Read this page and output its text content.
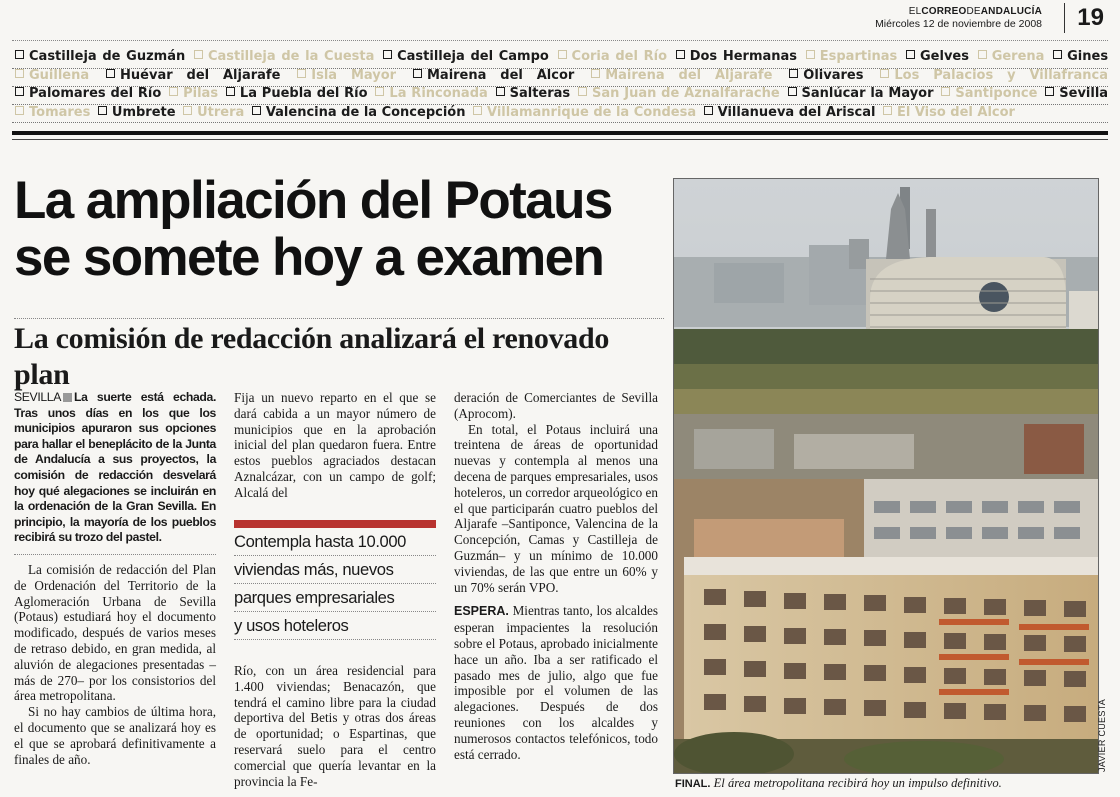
ELCORREODEANDALUCÍA
Miércoles 12 de noviembre de 2008	19
Castilleja de Guzmán Castilleja de la Cuesta Castilleja del Campo Coria del Río Dos Hermanas Espartinas Gelves Gerena Gines Guillena Huévar del Aljarafe Isla Mayor Mairena del Alcor Mairena del Aljarafe Olivares Los Palacios y Villafranca Palomares del Río Pilas La Puebla del Río La Rinconada Salteras San Juan de Aznalfarache Sanlúcar la Mayor Santiponce Sevilla Tomares Umbrete Utrera Valencina de la Concepción Villamanrique de la Condesa Villanueva del Ariscal El Viso del Alcor
La ampliación del Potaus
se somete hoy a examen
La comisión de redacción analizará el renovado plan
SEVILLA La suerte está echada. Tras unos días en los que los municipios apuraron sus opciones para hallar el beneplácito de la Junta de Andalucía a sus proyectos, la comisión de redacción desvelará hoy qué alegaciones se incluirán en la ordenación de la Gran Sevilla. En principio, la mayoría de los pueblos recibirá su trozo del pastel.

La comisión de redacción del Plan de Ordenación del Territorio de la Aglomeración Urbana de Sevilla (Potaus) estudiará hoy el documento modificado, después de varios meses de retraso debido, en gran medida, al aluvión de alegaciones presentadas –más de 270– por los consistorios del área metropolitana.

Si no hay cambios de última hora, el documento que se analizará hoy es el que se aprobará definitivamente a finales de año.

Fija un nuevo reparto en el que se dará cabida a un mayor número de municipios que en la aprobación inicial del plan quedaron fuera. Entre estos pueblos agraciados destacan Aznalcázar, con un campo de golf; Alcalá del

Contempla hasta 10.000
viviendas más, nuevos
parques empresariales
y usos hoteleros

Río, con un área residencial para 1.400 viviendas; Benacazón, que tendrá el camino libre para la ciudad deportiva del Betis y otras dos áreas de oportunidad; o Espartinas, que reservará suelo para el centro comercial que quería levantar en la provincia la Fe-

deración de Comerciantes de Sevilla (Aprocom).

En total, el Potaus incluirá una treintena de áreas de oportunidad nuevas y contempla al menos una decena de parques empresariales, usos hoteleros, un corredor arqueológico en el que participarán cuatro pueblos del Aljarafe –Santiponce, Valencina de la Concepción, Camas y Castilleja de Guzmán– y un mínimo de 10.000 viviendas, de las que entre un 60% y un 70% serán VPO.

ESPERA. Mientras tanto, los alcaldes esperan impacientes la resolución sobre el Potaus, aprobado inicialmente hace un año. Iba a ser ratificado el pasado mes de julio, algo que fue imposible por el volumen de las alegaciones. Después de dos reuniones con los alcaldes y numerosos contactos telefónicos, todo está cerrado.	JAVIER CUESTA
FINAL. El área metropolitana recibirá hoy un impulso definitivo.
